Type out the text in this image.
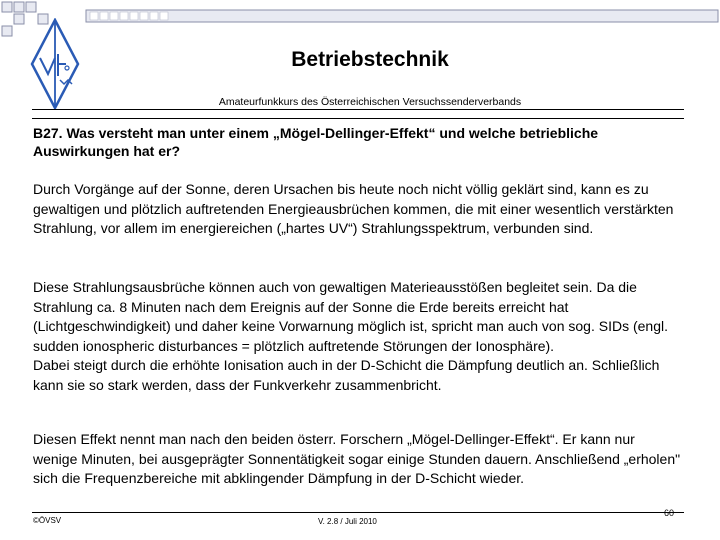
Betriebstechnik
Amateurfunkkurs des Österreichischen Versuchssenderverbands
B27. Was versteht man unter einem „Mögel-Dellinger-Effekt“ und welche betriebliche Auswirkungen hat er?

Durch Vorgänge auf der Sonne, deren Ursachen bis heute noch nicht völlig geklärt sind, kann es zu gewaltigen und plötzlich auftretenden Energieausbrüchen kommen, die mit einer wesentlich verstärkten Strahlung, vor allem im energiereichen („hartes UV“) Strahlungsspektrum, verbunden sind.

Diese Strahlungsausbrüche können auch von gewaltigen Materieausstößen begleitet sein. Da die Strahlung ca. 8 Minuten nach dem Ereignis auf der Sonne die Erde bereits erreicht hat (Lichtgeschwindigkeit) und daher keine Vorwarnung möglich ist, spricht man auch von sog. SIDs (engl. sudden ionospheric disturbances = plötzlich auftretende Störungen der Ionosphäre).
Dabei steigt durch die erhöhte Ionisation auch in der D-Schicht die Dämpfung deutlich an. Schließlich kann sie so stark werden, dass der Funkverkehr zusammenbricht.

Diesen Effekt nennt man nach den beiden österr. Forschern „Mögel-Dellinger-Effekt“. Er kann nur wenige Minuten, bei ausgeprägter Sonnentätigkeit sogar einige Stunden dauern. Anschließend „erholen" sich die Frequenzbereiche mit abklingender Dämpfung in der D-Schicht wieder.

©ÖVSV	V. 2.8 / Juli 2010
60
